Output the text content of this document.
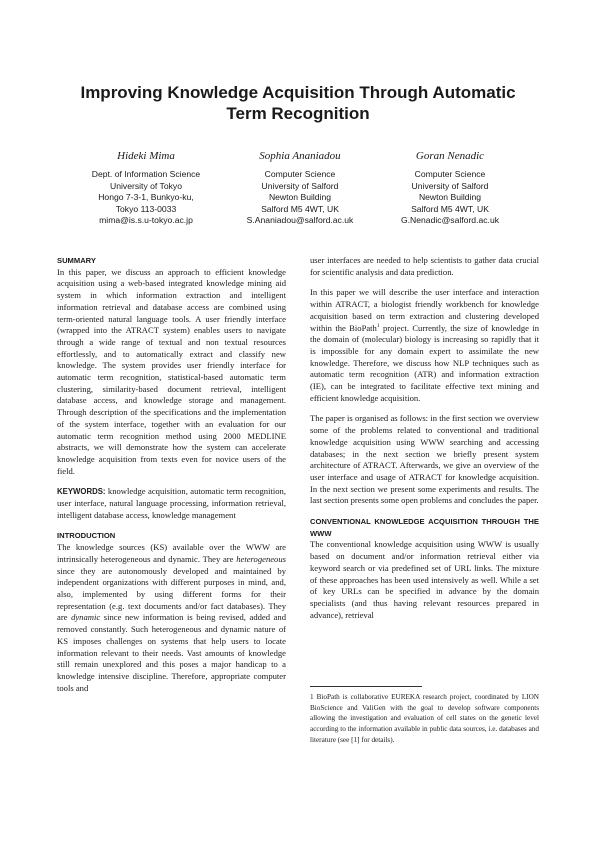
Improving Knowledge Acquisition Through Automatic Term Recognition
Hideki Mima
Dept. of Information Science
University of Tokyo
Hongo 7-3-1, Bunkyo-ku,
Tokyo 113-0033
mima@is.s.u-tokyo.ac.jp
Sophia Ananiadou
Computer Science
University of Salford
Newton Building
Salford M5 4WT, UK
S.Ananiadou@salford.ac.uk
Goran Nenadic
Computer Science
University of Salford
Newton Building
Salford M5 4WT, UK
G.Nenadic@salford.ac.uk
SUMMARY

In this paper, we discuss an approach to efficient knowledge acquisition using a web-based integrated knowledge mining aid system in which information extraction and intelligent information retrieval and database access are combined using term-oriented natural language tools. A user friendly interface (wrapped into the ATRACT system) enables users to navigate through a wide range of textual and non textual resources effortlessly, and to automatically extract and classify new knowledge. The system provides user friendly interface for automatic term recognition, statistical-based automatic term clustering, similarity-based document retrieval, intelligent database access, and knowledge storage and management. Through description of the specifications and the implementation of the system interface, together with an evaluation for our automatic term recognition method using 2000 MEDLINE abstracts, we will demonstrate how the system can accelerate knowledge acquisition from texts even for novice users of the field.

KEYWORDS: knowledge acquisition, automatic term recognition, user interface, natural language processing, information retrieval, intelligent database access, knowledge management

INTRODUCTION

The knowledge sources (KS) available over the WWW are intrinsically heterogeneous and dynamic. They are heterogeneous since they are autonomously developed and maintained by independent organizations with different purposes in mind, and, also, implemented by using different forms for their representation (e.g. text documents and/or fact databases). They are dynamic since new information is being revised, added and removed constantly. Such heterogeneous and dynamic nature of KS imposes challenges on systems that help users to locate information relevant to their needs. Vast amounts of knowledge still remain unexplored and this poses a major handicap to a knowledge intensive discipline. Therefore, appropriate computer tools and

user interfaces are needed to help scientists to gather data crucial for scientific analysis and data prediction.

In this paper we will describe the user interface and interaction within ATRACT, a biologist friendly workbench for knowledge acquisition based on term extraction and clustering developed within the BioPath$^1$ project. Currently, the size of knowledge in the domain of (molecular) biology is increasing so rapidly that it is impossible for any domain expert to assimilate the new knowledge. Therefore, we discuss how NLP techniques such as automatic term recognition (ATR) and information extraction (IE), can be integrated to facilitate effective text mining and efficient knowledge acquisition.

The paper is organised as follows: in the first section we overview some of the problems related to conventional and traditional knowledge acquisition using WWW searching and accessing databases; in the next section we briefly present system architecture of ATRACT. Afterwards, we give an overview of the user interface and usage of ATRACT for knowledge acquisition. In the next section we present some experiments and results. The last section presents some open problems and concludes the paper.

CONVENTIONAL KNOWLEDGE ACQUISITION THROUGH THE WWW

The conventional knowledge acquisition using WWW is usually based on document and/or information retrieval either via keyword search or via predefined set of URL links. The mixture of these approaches has been used intensively as well. While a set of key URLs can be specified in advance by the domain specialists (and thus having relevant resources prepared in advance), retrieval

1 BioPath is collaborative EUREKA research project, coordinated by LION BioScience and ValiGen with the goal to develop software components allowing the investigation and evaluation of cell states on the genetic level according to the information available in public data sources, i.e. databases and literature (see [1] for details).
